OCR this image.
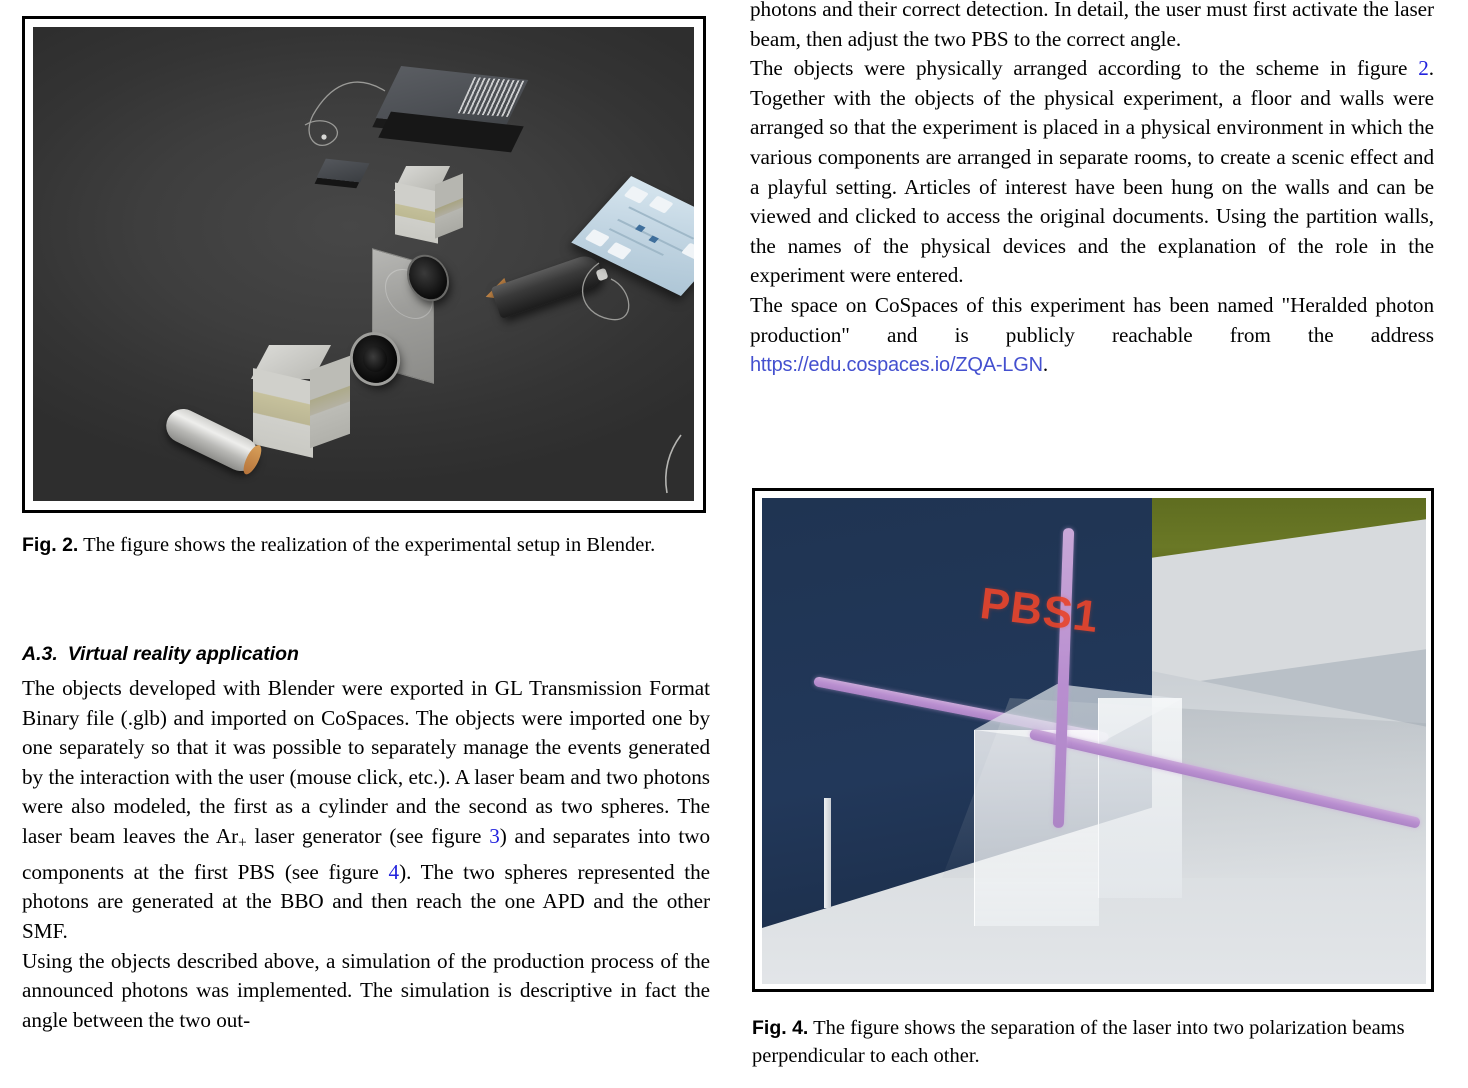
Fig. 2. The figure shows the realization of the experimental setup in Blender.
A.3. Virtual reality application

The objects developed with Blender were exported in GL Transmission Format Binary file (.glb) and imported on CoSpaces. The objects were imported one by one separately so that it was possible to separately manage the events generated by the interaction with the user (mouse click, etc.). A laser beam and two photons were also modeled, the first as a cylinder and the second as two spheres. The laser beam leaves the $Ar_+$ laser generator (see figure 3) and separates into two components at the first PBS (see figure 4). The two spheres represented the photons are generated at the BBO and then reach the one APD and the other SMF.

Using the objects described above, a simulation of the production process of the announced photons was implemented. The simulation is descriptive in fact the angle between the two out-

photons and their correct detection. In detail, the user must first activate the laser beam, then adjust the two PBS to the correct angle.

The objects were physically arranged according to the scheme in figure 2. Together with the objects of the physical experiment, a floor and walls were arranged so that the experiment is placed in a physical environment in which the various components are arranged in separate rooms, to create a scenic effect and a playful setting. Articles of interest have been hung on the walls and can be viewed and clicked to access the original documents. Using the partition walls, the names of the physical devices and the explanation of the role in the experiment were entered.

The space on CoSpaces of this experiment has been named "Heralded photon production" and is publicly reachable from the address https://edu.cospaces.io/ZQA-LGN.

PBS1
Fig. 4. The figure shows the separation of the laser into two polarization beams perpendicular to each other.
